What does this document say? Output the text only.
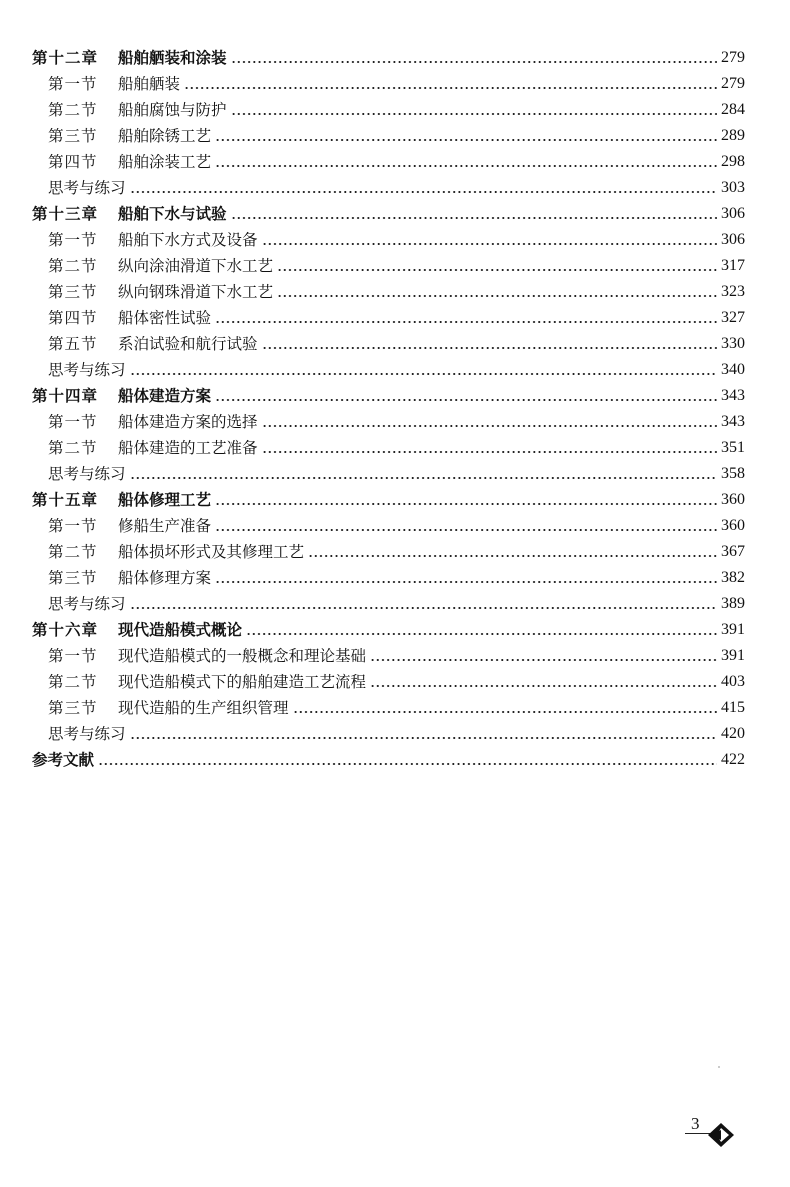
第十二章	船舶舾装和涂装	279
第一节	船舶舾装	279
第二节	船舶腐蚀与防护	284
第三节	船舶除锈工艺	289
第四节	船舶涂装工艺	298
思考与练习	303
第十三章	船舶下水与试验	306
第一节	船舶下水方式及设备	306
第二节	纵向涂油滑道下水工艺	317
第三节	纵向钢珠滑道下水工艺	323
第四节	船体密性试验	327
第五节	系泊试验和航行试验	330
思考与练习	340
第十四章	船体建造方案	343
第一节	船体建造方案的选择	343
第二节	船体建造的工艺准备	351
思考与练习	358
第十五章	船体修理工艺	360
第一节	修船生产准备	360
第二节	船体损坏形式及其修理工艺	367
第三节	船体修理方案	382
思考与练习	389
第十六章	现代造船模式概论	391
第一节	现代造船模式的一般概念和理论基础	391
第二节	现代造船模式下的船舶建造工艺流程	403
第三节	现代造船的生产组织管理	415
思考与练习	420
参考文献	422
3
